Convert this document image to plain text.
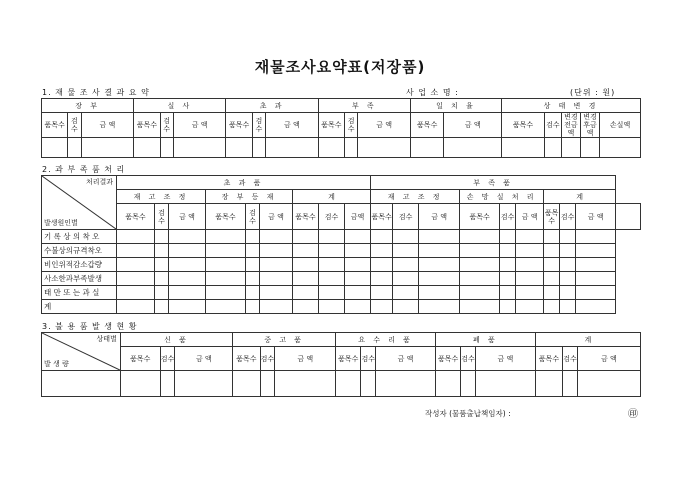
재물조사요약표(저장품)
1. 재 물 조 사 결 과 요 약	사 업 소 명 :	(단위 : 원)
장 부			실 사			초 과			부 족			일 치 율		상 태 변 경				
품목수	검수	금 액	품목수	검수	금 액	품목수	검수	금 액	품목수	검수	금 액	품목수	금 액	품목수	검수	변경전금액	변경후금액	손실액

2. 과 부 족 품 처 리
처리결과
발생원인별	초 과 품									부 족 품									
	재 고 조 정			장 부 등 재			계			재 고 조 정			손 망 실 처 리			계			
	품목수	검수	금 액	품목수	검수	금 액	품목수	검수	금액	품목수	검수	금 액	품목수	검수	금 액	품목수	검수	금 액	
기 록 상 의 착 오																			
수불상의규격착오																			
비인위적감소갑량																			
사소한과부족발생																			
태 만 또 는 과 실																			
계																			
3. 불 용 품 발 생 현 황
상태별
발 생 량	신 품			중 고 품			요 수 리 품			폐 품			계		
	품목수	검수	금 액	품목수	검수	금 액	품목수	검수	금 액	품목수	검수	금 액	품목수	검수	금 액

작성자 (물품출납책임자) :	㊞
